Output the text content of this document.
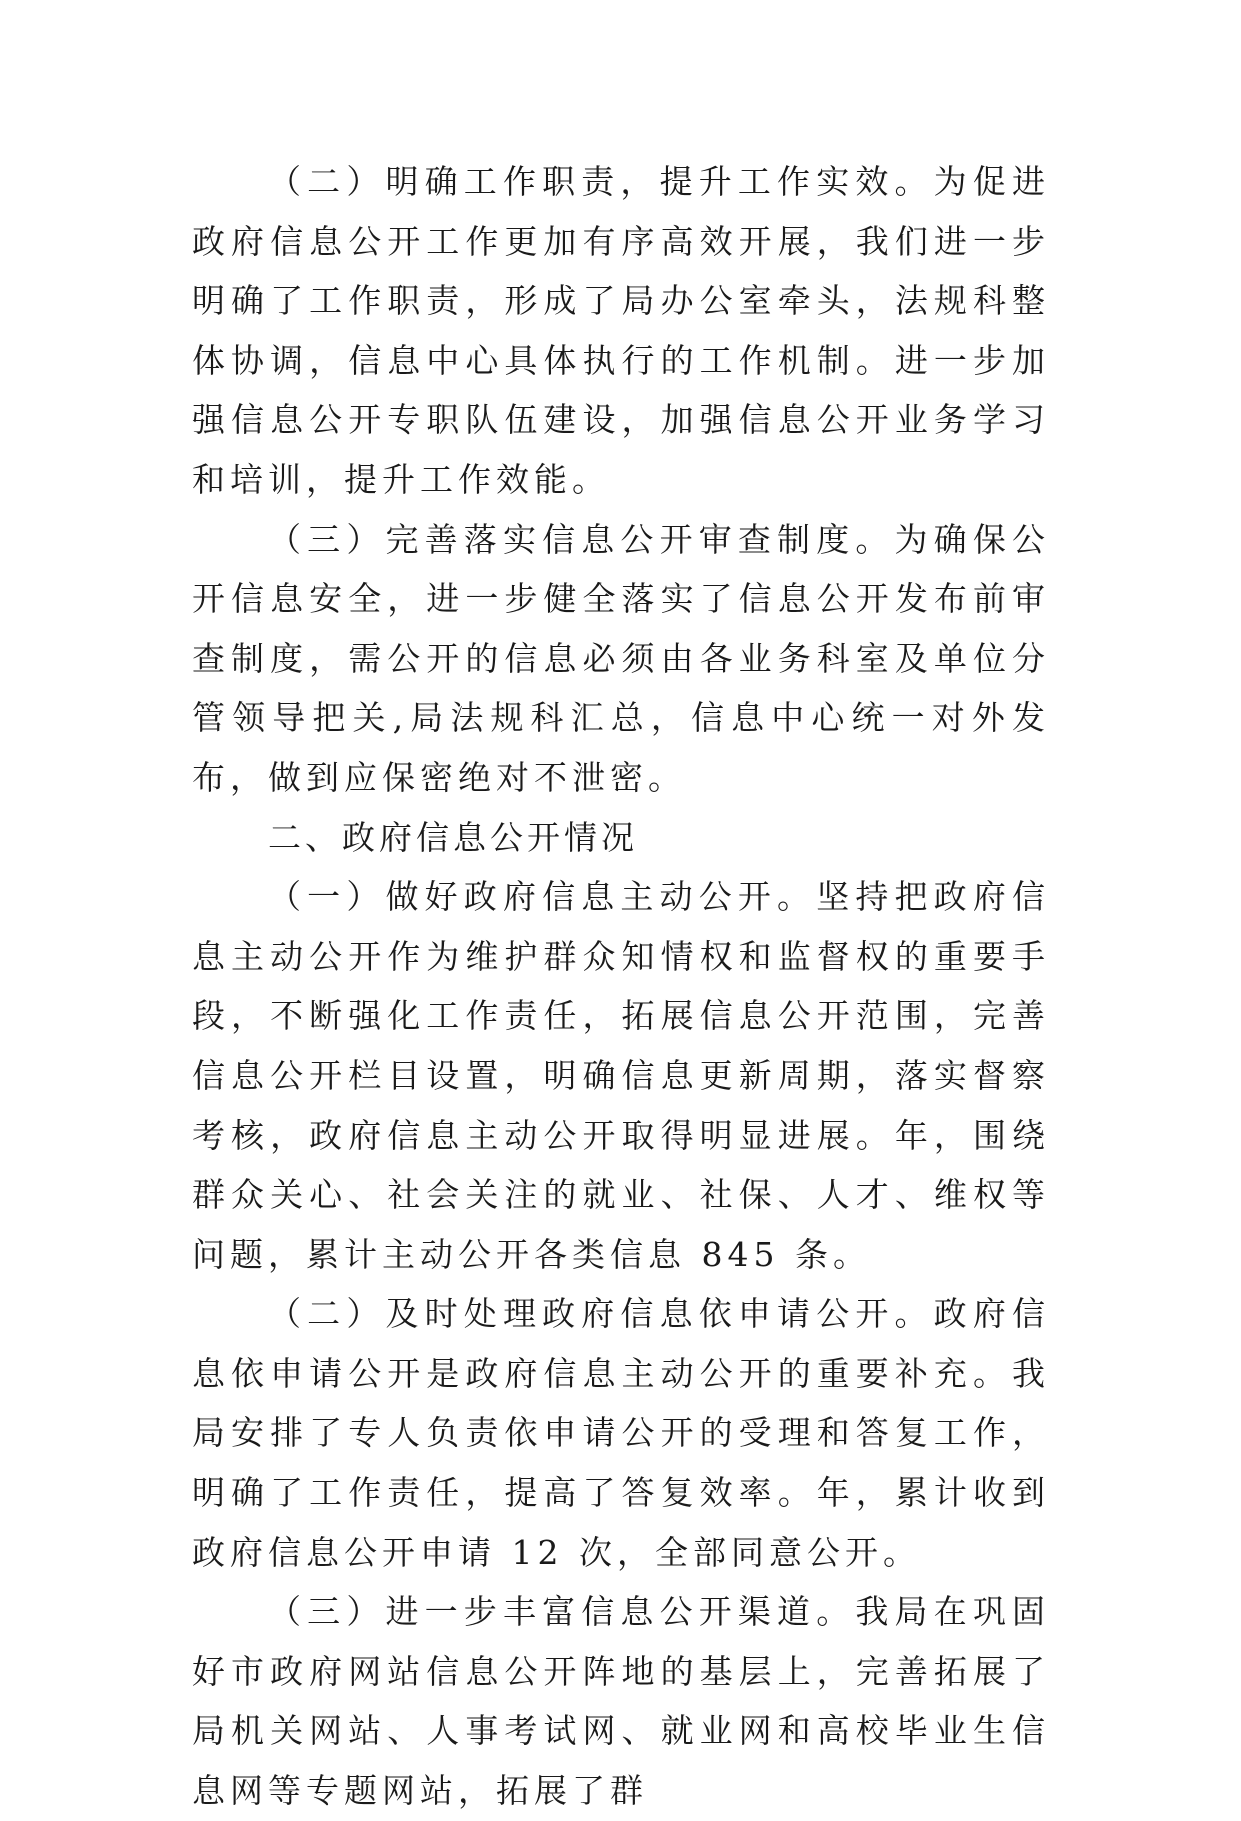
（二）明确工作职责，提升工作实效。为促进政府信息公开工作更加有序高效开展，我们进一步明确了工作职责，形成了局办公室牵头，法规科整体协调，信息中心具体执行的工作机制。进一步加强信息公开专职队伍建设，加强信息公开业务学习和培训，提升工作效能。

（三）完善落实信息公开审查制度。为确保公开信息安全，进一步健全落实了信息公开发布前审查制度，需公开的信息必须由各业务科室及单位分管领导把关,局法规科汇总，信息中心统一对外发布，做到应保密绝对不泄密。

二、政府信息公开情况

（一）做好政府信息主动公开。坚持把政府信息主动公开作为维护群众知情权和监督权的重要手段，不断强化工作责任，拓展信息公开范围，完善信息公开栏目设置，明确信息更新周期，落实督察考核，政府信息主动公开取得明显进展。年，围绕群众关心、社会关注的就业、社保、人才、维权等问题，累计主动公开各类信息 845 条。

（二）及时处理政府信息依申请公开。政府信息依申请公开是政府信息主动公开的重要补充。我局安排了专人负责依申请公开的受理和答复工作，明确了工作责任，提高了答复效率。年，累计收到政府信息公开申请 12 次，全部同意公开。

（三）进一步丰富信息公开渠道。我局在巩固好市政府网站信息公开阵地的基层上，完善拓展了局机关网站、人事考试网、就业网和高校毕业生信息网等专题网站，拓展了群
